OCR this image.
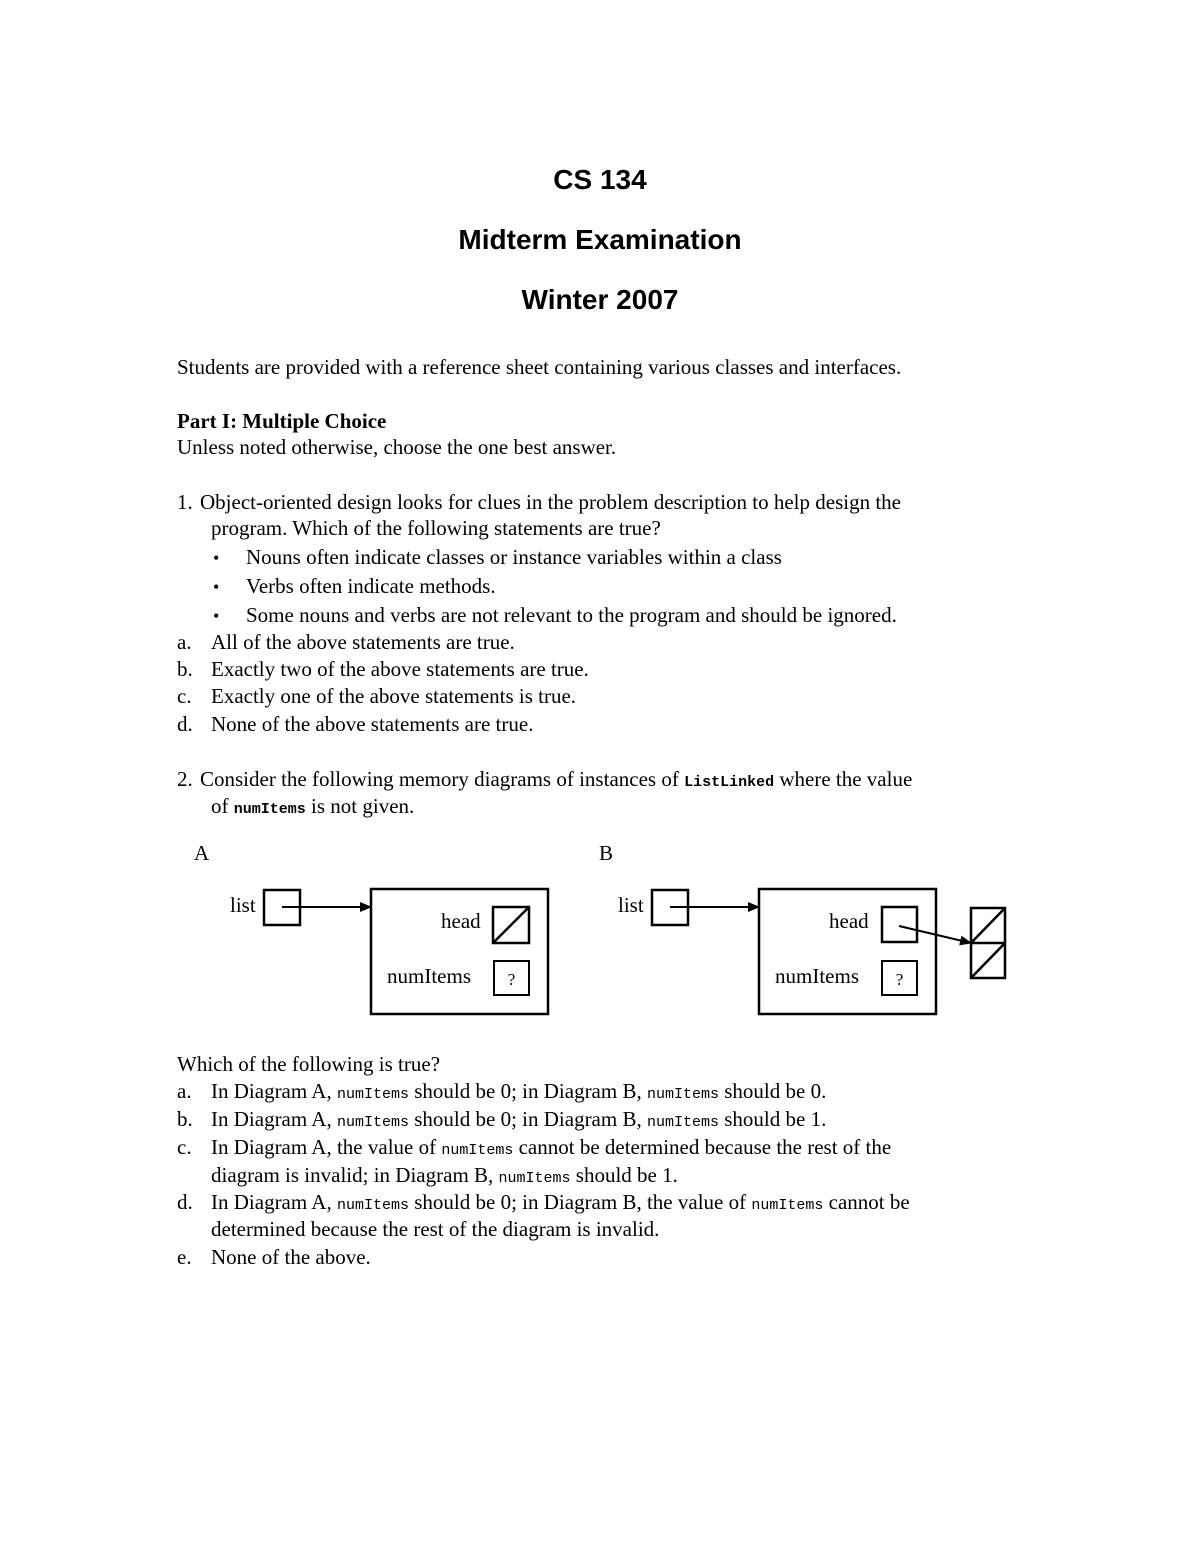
CS 134
Midterm Examination
Winter 2007
Students are provided with a reference sheet containing various classes and interfaces.
Part I: Multiple Choice
Unless noted otherwise, choose the one best answer.
1. Object-oriented design looks for clues in the problem description to help design the
program. Which of the following statements are true?
• Nouns often indicate classes or instance variables within a class
• Verbs often indicate methods.
• Some nouns and verbs are not relevant to the program and should be ignored.
a. All of the above statements are true.
b. Exactly two of the above statements are true.
c. Exactly one of the above statements is true.
d. None of the above statements are true.
2. Consider the following memory diagrams of instances of ListLinked where the value
of numItems is not given.
A
list
head
numItems ?
B
list
head
numItems ?
Which of the following is true?
a. In Diagram A, numItems should be 0; in Diagram B, numItems should be 0.
b. In Diagram A, numItems should be 0; in Diagram B, numItems should be 1.
c. In Diagram A, the value of numItems cannot be determined because the rest of the
diagram is invalid; in Diagram B, numItems should be 1.
d. In Diagram A, numItems should be 0; in Diagram B, the value of numItems cannot be
determined because the rest of the diagram is invalid.
e. None of the above.
